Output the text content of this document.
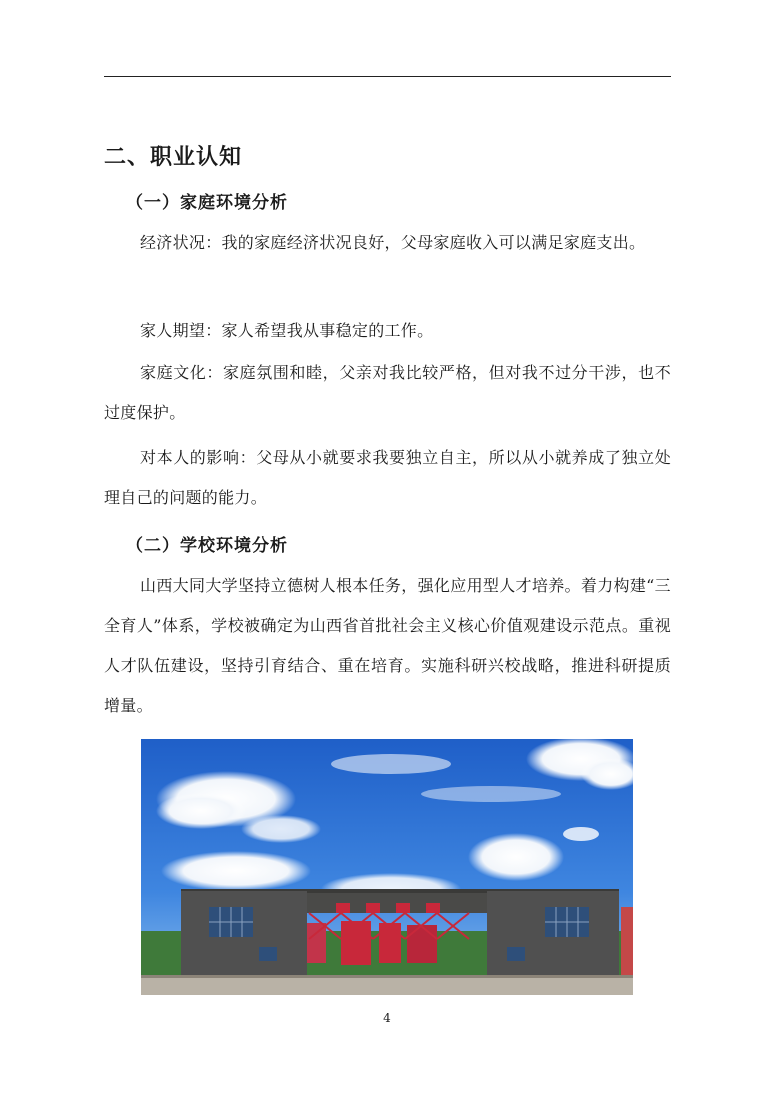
二、职业认知
（一）家庭环境分析
经济状况：我的家庭经济状况良好，父母家庭收入可以满足家庭支出。
家人期望：家人希望我从事稳定的工作。
家庭文化：家庭氛围和睦，父亲对我比较严格，但对我不过分干涉，也不过度保护。
对本人的影响：父母从小就要求我要独立自主，所以从小就养成了独立处理自己的问题的能力。
（二）学校环境分析
山西大同大学坚持立德树人根本任务，强化应用型人才培养。着力构建“三全育人”体系，学校被确定为山西省首批社会主义核心价值观建设示范点。重视人才队伍建设，坚持引育结合、重在培育。实施科研兴校战略，推进科研提质增量。
4
